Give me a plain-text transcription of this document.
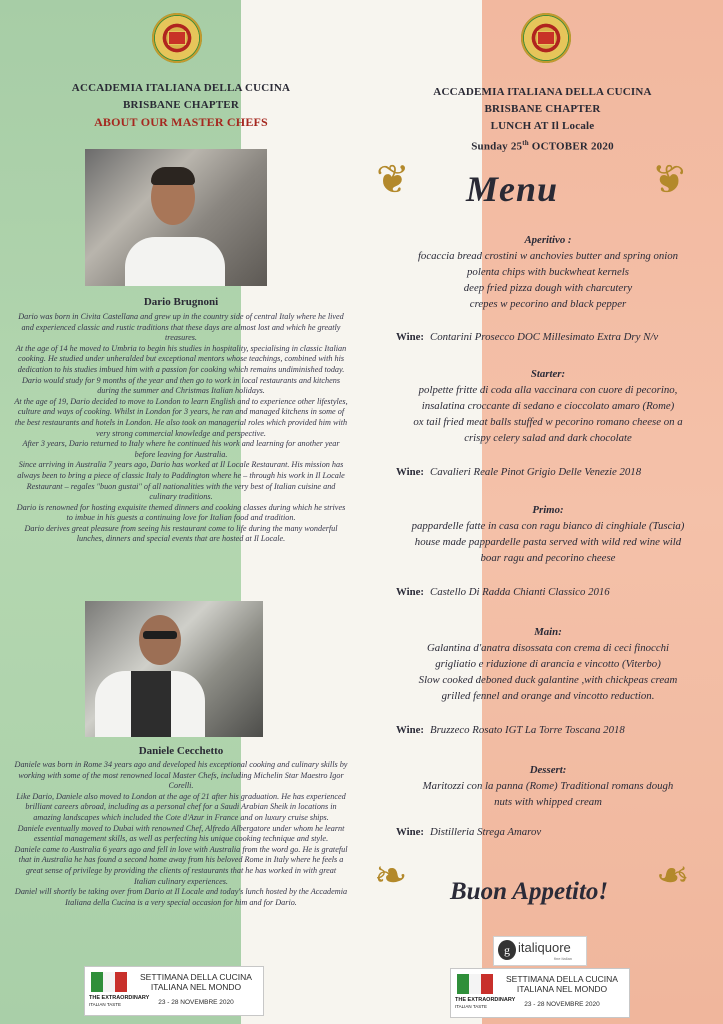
ACCADEMIA ITALIANA DELLA CUCINA
BRISBANE CHAPTER
ABOUT OUR MASTER CHEFS
Dario Brugnoni

Dario was born in Civita Castellana and grew up in the country side of central Italy where he lived and experienced classic and rustic traditions that these days are almost lost and which he greatly treasures.

At the age of 14 he moved to Umbria to begin his studies in hospitality, specialising in classic Italian cooking. He studied under unheralded but exceptional mentors whose teachings, combined with his dedication to his studies imbued him with a passion for cooking which remains undiminished today.

Dario would study for 9 months of the year and then go to work in local restaurants and kitchens during the summer and Christmas Italian holidays.

At the age of 19, Dario decided to move to London to learn English and to experience other lifestyles, culture and ways of cooking. Whilst in London for 3 years, he ran and managed kitchens in some of the best restaurants and hotels in London. He also took on managerial roles which provided him with very strong commercial knowledge and perspective.

After 3 years, Dario returned to Italy where he continued his work and learning for another year before leaving for Australia.

Since arriving in Australia 7 years ago, Dario has worked at Il Locale Restaurant. His mission has always been to bring a piece of classic Italy to Paddington where he – through his work in Il Locale Restaurant – regales "buon gustai" of all nationalities with the very best of Italian cuisine and culinary traditions.

Dario is renowned for hosting exquisite themed dinners and cooking classes during which he strives to imbue in his guests a continuing love for Italian food and tradition.

Dario derives great pleasure from seeing his restaurant come to life during the many wonderful lunches, dinners and special events that are hosted at Il Locale.

Daniele Cecchetto

Daniele was born in Rome 34 years ago and developed his exceptional cooking and culinary skills by working with some of the most renowned local Master Chefs, including Michelin Star Maestro Igor Corelli.

Like Dario, Daniele also moved to London at the age of 21 after his graduation. He has experienced brilliant careers abroad, including as a personal chef for a Saudi Arabian Sheik in locations in amazing landscapes which included the Cote d'Azur in France and on luxury cruise ships.

Daniele eventually moved to Dubai with renowned Chef, Alfredo Albergatore under whom he learnt essential management skills, as well as perfecting his unique cooking technique and style.

Daniele came to Australia 6 years ago and fell in love with Australia from the word go. He is grateful that in Australia he has found a second home away from his beloved Rome in Italy where he feels a great sense of privilege by providing the clients of restaurants that he has worked in with great Italian culinary experiences.

Daniel will shortly be taking over from Dario at Il Locale and today's lunch hosted by the Accademia Italiana della Cucina is a very special occasion for him and for Dario.

THE EXTRAORDINARY
ITALIAN TASTE
SETTIMANA DELLA CUCINA
ITALIANA NEL MONDO
23 - 28 NOVEMBRE 2020
ACCADEMIA ITALIANA DELLA CUCINA
BRISBANE CHAPTER
LUNCH AT Il Locale
Sunday 25th OCTOBER 2020
❦	❦
Menu

Aperitivo :

focaccia bread crostini w anchovies butter and spring onion

polenta chips with buckwheat kernels

deep fried pizza dough with charcutery

crepes w pecorino and black pepper

Wine: Contarini Prosecco DOC Millesimato Extra Dry N/v

Starter:

polpette fritte di coda alla vaccinara con cuore di pecorino,

insalatina croccante di sedano e cioccolato amaro (Rome)

ox tail fried meat balls stuffed w pecorino romano cheese on a

crispy celery salad and dark chocolate

Wine: Cavalieri Reale Pinot Grigio Delle Venezie 2018

Primo:

pappardelle fatte in casa con ragu bianco di cinghiale (Tuscia)

house made pappardelle pasta served with wild red wine wild

boar ragu and pecorino cheese

Wine: Castello Di Radda Chianti Classico 2016

Main:

Galantina d'anatra disossata con crema di ceci finocchi

grigliatio e riduzione di arancia e vincotto (Viterbo)

Slow cooked deboned duck galantine ,with chickpeas cream

grilled fennel and orange and vincotto reduction.

Wine: Bruzzeco Rosato IGT La Torre Toscana 2018

Dessert:

Maritozzi con la panna (Rome) Traditional romans dough

nuts with whipped cream

Wine: Distilleria Strega Amarov
❧	❧
Buon Appetito!
g italiquore
fine italian
THE EXTRAORDINARY
ITALIAN TASTE
SETTIMANA DELLA CUCINA
ITALIANA NEL MONDO
23 - 28 NOVEMBRE 2020
